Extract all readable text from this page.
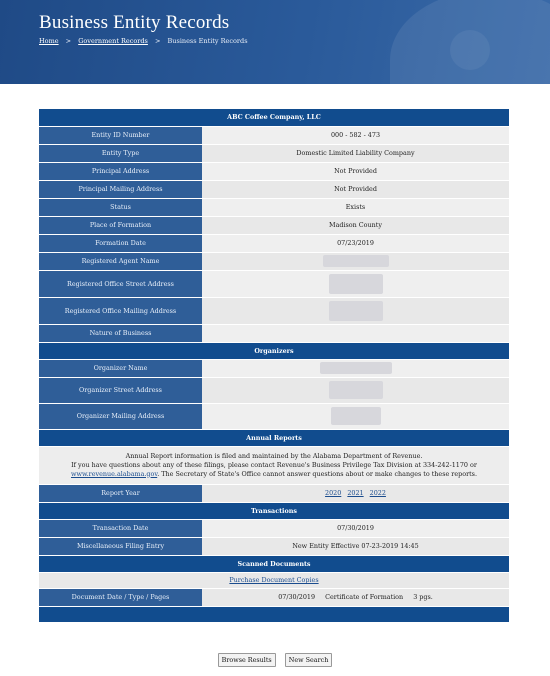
Business Entity Records
Home > Government Records > Business Entity Records
ABC Coffee Company, LLC	
Entity ID Number	000 - 582 - 473
Entity Type	Domestic Limited Liability Company
Principal Address	Not Provided
Principal Mailing Address	Not Provided
Status	Exists
Place of Formation	Madison County
Formation Date	07/23/2019
Registered Agent Name	
Registered Office Street Address	
Registered Office Mailing Address	
Nature of Business	
Organizers	
Organizer Name	
Organizer Street Address	
Organizer Mailing Address	
Annual Reports	
Annual Report information is filed and maintained by the Alabama Department of Revenue.
If you have questions about any of these filings, please contact Revenue's Business Privilege Tax Division at 334-242-1170 or www.revenue.alabama.gov. The Secretary of State's Office cannot answer questions about or make changes to these reports.	
Report Year	2020 2021 2022
Transactions	
Transaction Date	07/30/2019
Miscellaneous Filing Entry	New Entity Effective 07-23-2019 14:45
Scanned Documents	
Purchase Document Copies	
Document Date / Type / Pages	07/30/2019 Certificate of Formation 3 pgs.

Browse Results	New Search
